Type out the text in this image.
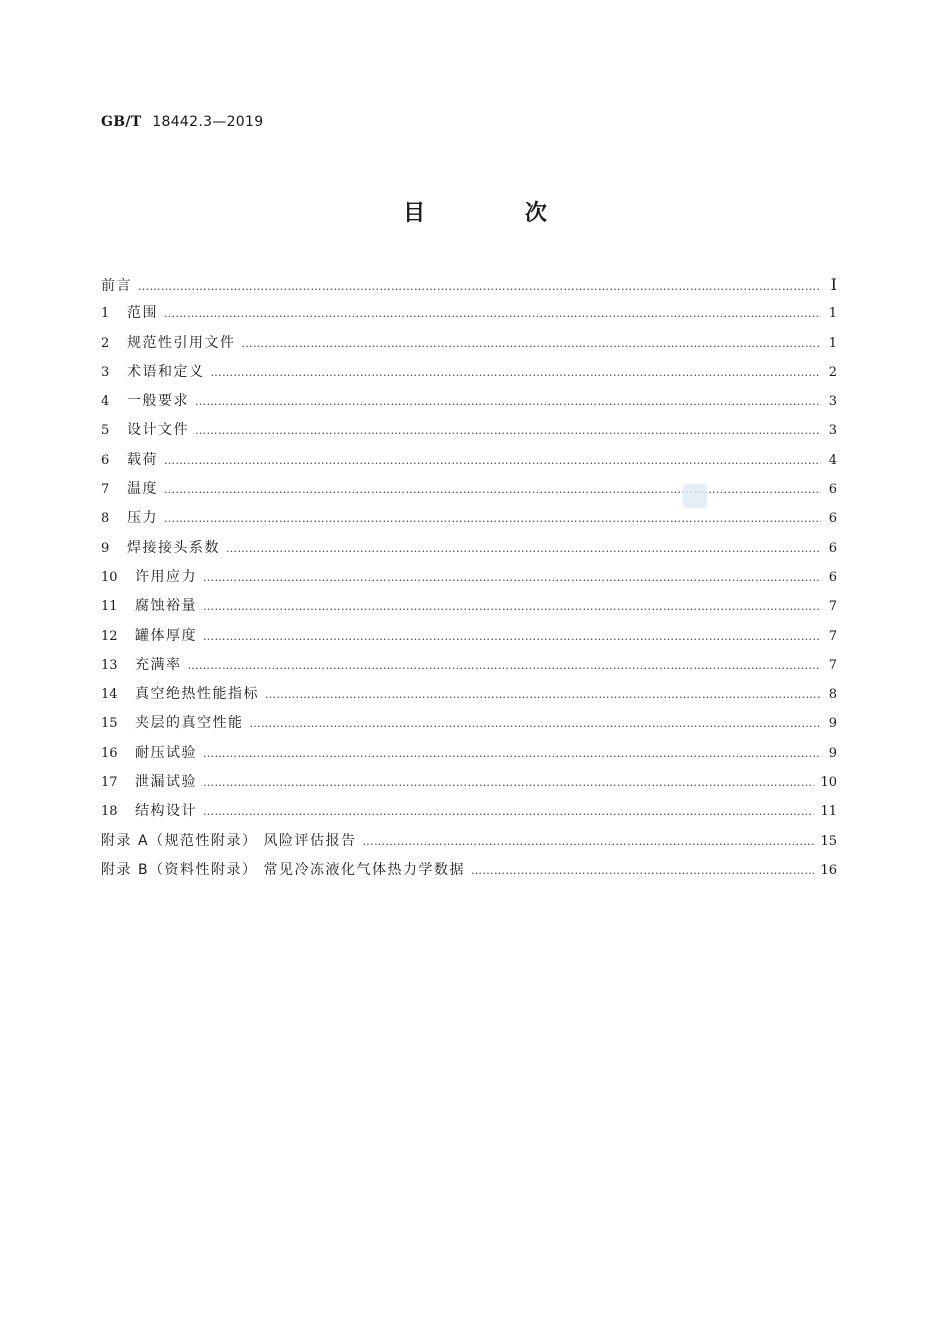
GB/T 18442.3—2019
目 次
前言 …………………………………………………………………………………………………………………………………………………………………………………………………………	Ⅰ
1	范围 …………………………………………………………………………………………………………………………………………………………………………………………………………	1
2	规范性引用文件 …………………………………………………………………………………………………………………………………………………………………………………………………………	1
3	术语和定义 …………………………………………………………………………………………………………………………………………………………………………………………………………	2
4	一般要求 …………………………………………………………………………………………………………………………………………………………………………………………………………	3
5	设计文件 …………………………………………………………………………………………………………………………………………………………………………………………………………	3
6	载荷 …………………………………………………………………………………………………………………………………………………………………………………………………………	4
7	温度 …………………………………………………………………………………………………………………………………………………………………………………………………………	6
8	压力 …………………………………………………………………………………………………………………………………………………………………………………………………………	6
9	焊接接头系数 …………………………………………………………………………………………………………………………………………………………………………………………………………	6
10	许用应力 …………………………………………………………………………………………………………………………………………………………………………………………………………	6
11	腐蚀裕量 …………………………………………………………………………………………………………………………………………………………………………………………………………	7
12	罐体厚度 …………………………………………………………………………………………………………………………………………………………………………………………………………	7
13	充满率 …………………………………………………………………………………………………………………………………………………………………………………………………………	7
14	真空绝热性能指标 …………………………………………………………………………………………………………………………………………………………………………………………………………	8
15	夹层的真空性能 …………………………………………………………………………………………………………………………………………………………………………………………………………	9
16	耐压试验 …………………………………………………………………………………………………………………………………………………………………………………………………………	9
17	泄漏试验 …………………………………………………………………………………………………………………………………………………………………………………………………………	10
18	结构设计 …………………………………………………………………………………………………………………………………………………………………………………………………………	11
附录 A（规范性附录） 风险评估报告 …………………………………………………………………………………………………………………………………………………………………………………………………………	15
附录 B（资料性附录） 常见冷冻液化气体热力学数据 …………………………………………………………………………………………………………………………………………………………………………………………………………	16
